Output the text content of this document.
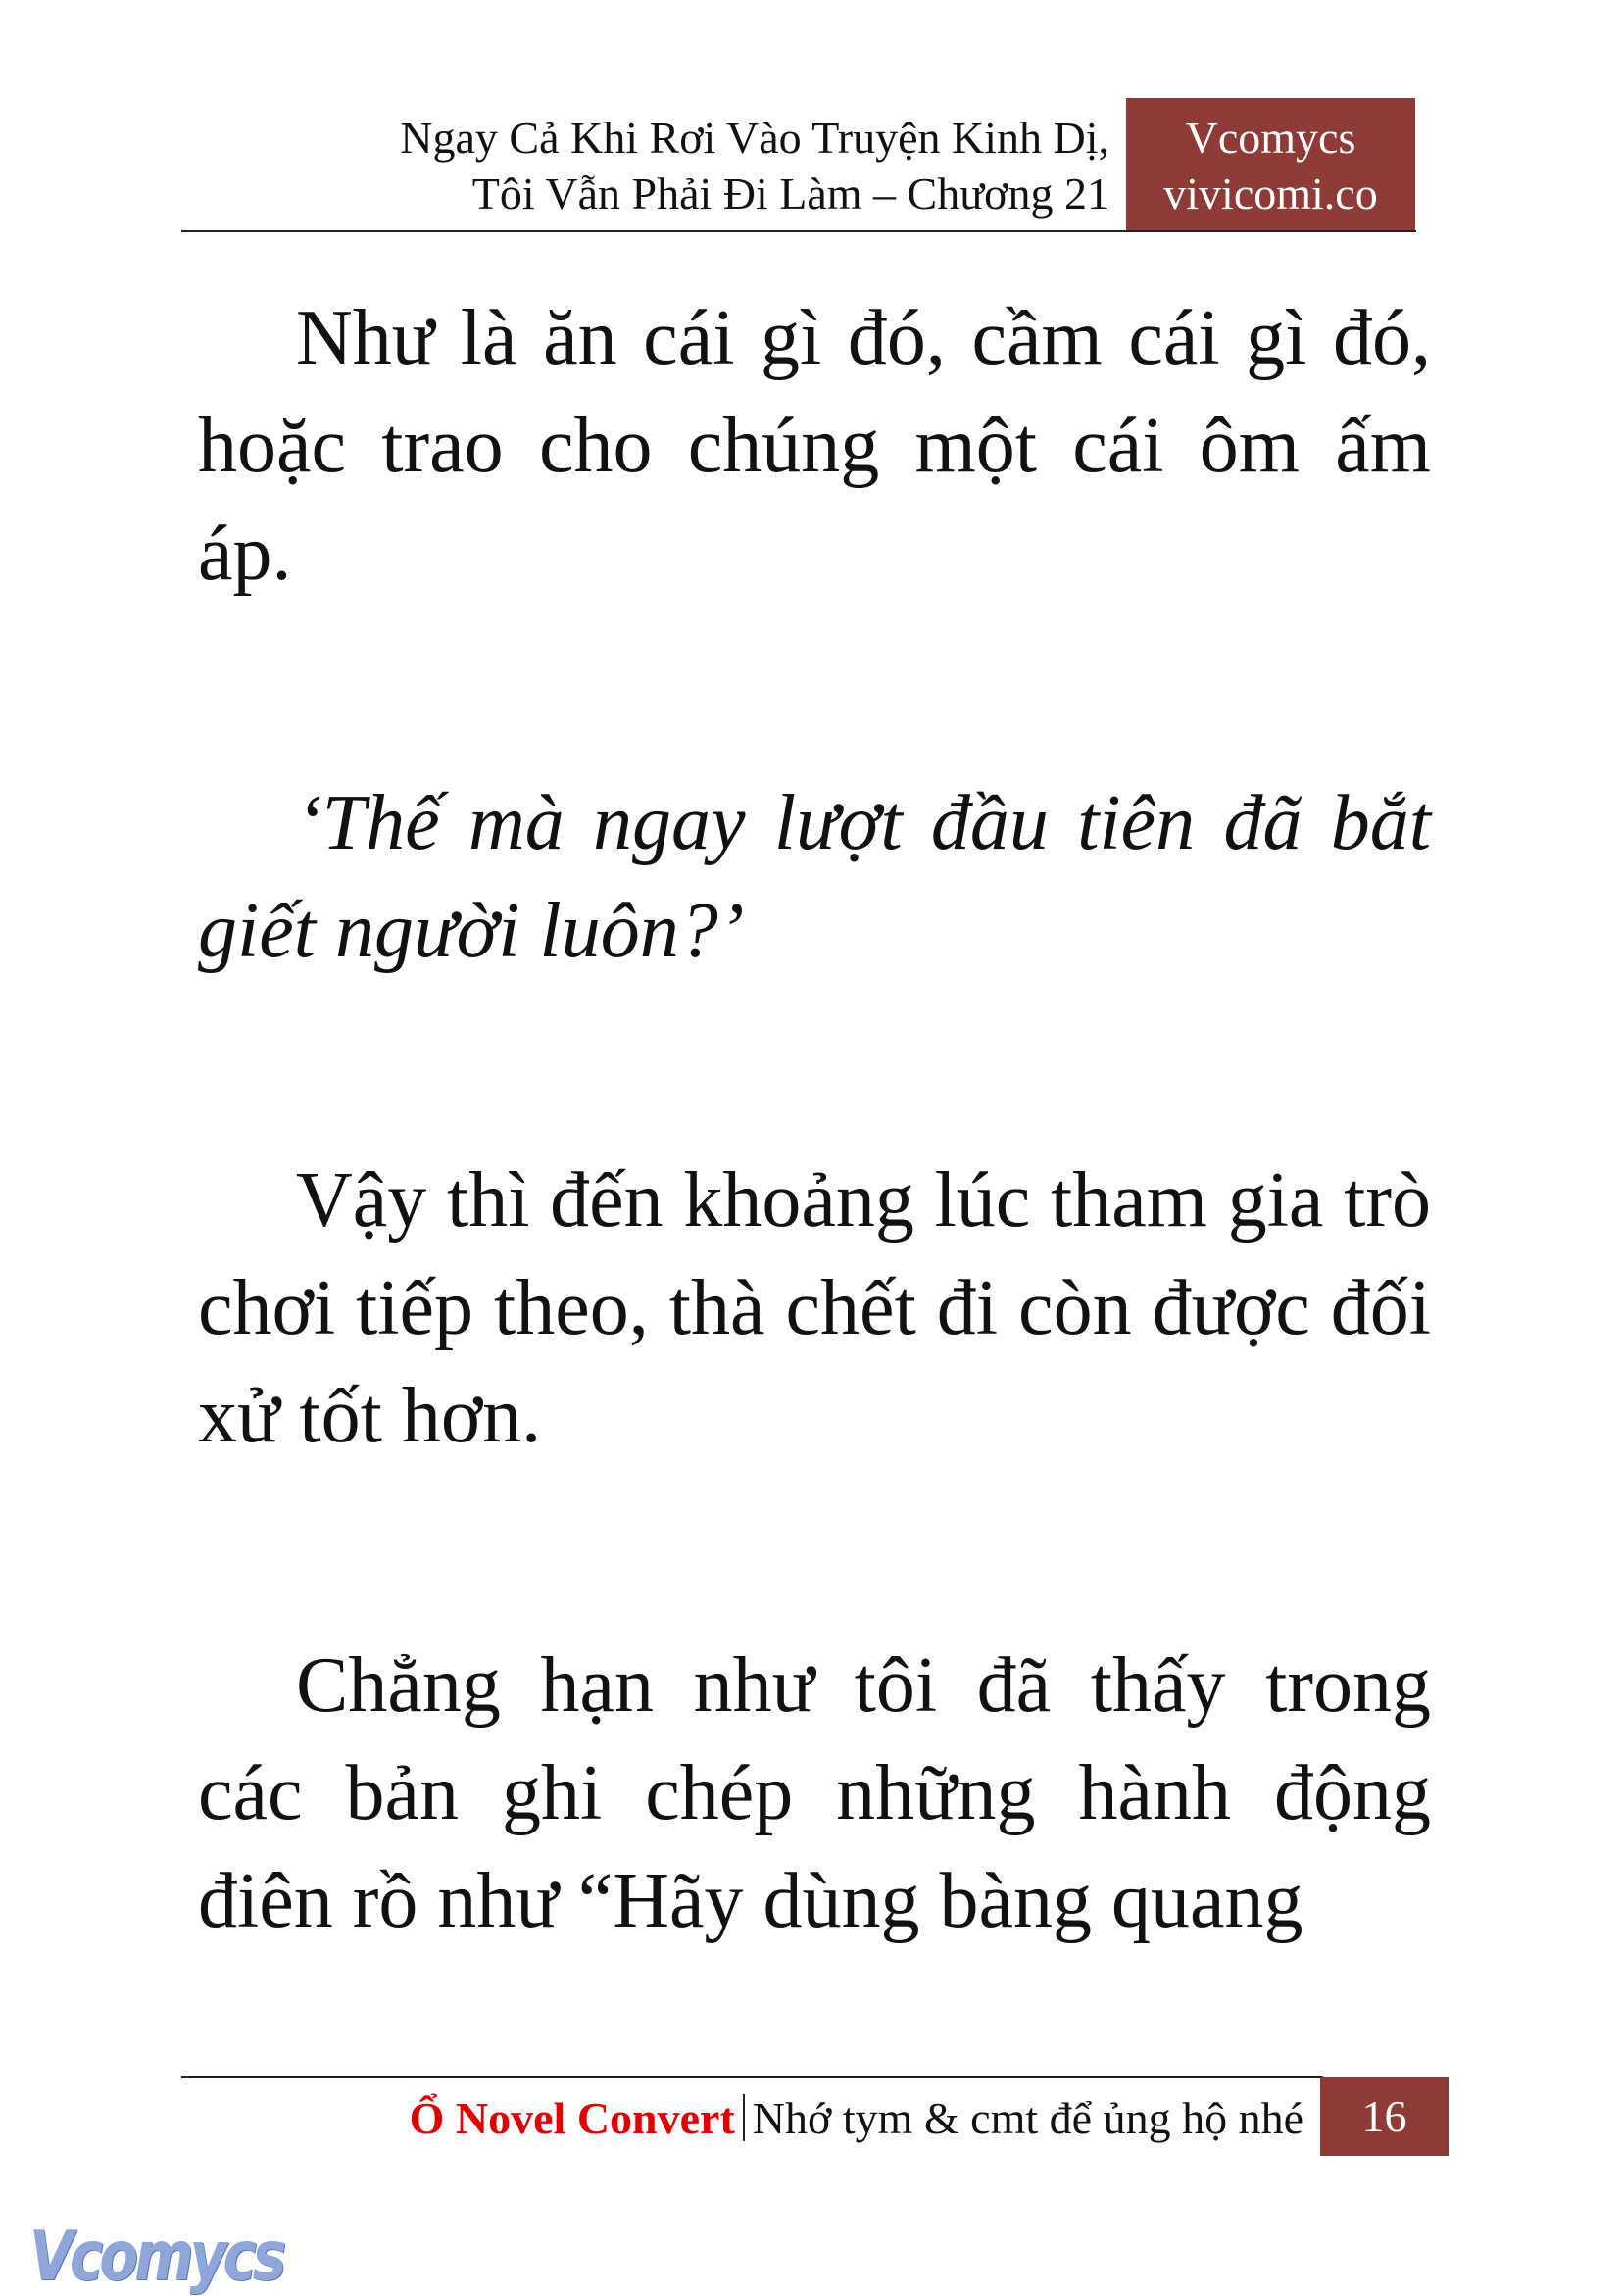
Ngay Cả Khi Rơi Vào Truyện Kinh Dị,
Tôi Vẫn Phải Đi Làm – Chương 21
Vcomycs
vivicomi.co

Như là ăn cái gì đó, cầm cái gì đó, hoặc trao cho chúng một cái ôm ấm áp.

‘Thế mà ngay lượt đầu tiên đã bắt giết người luôn?’

Vậy thì đến khoảng lúc tham gia trò chơi tiếp theo, thà chết đi còn được đối xử tốt hơn.

Chẳng hạn như tôi đã thấy trong các bản ghi chép những hành động điên rồ như “Hãy dùng bàng quang

Ổ Novel Convert Nhớ tym & cmt để ủng hộ nhé	16
Vcomycs
